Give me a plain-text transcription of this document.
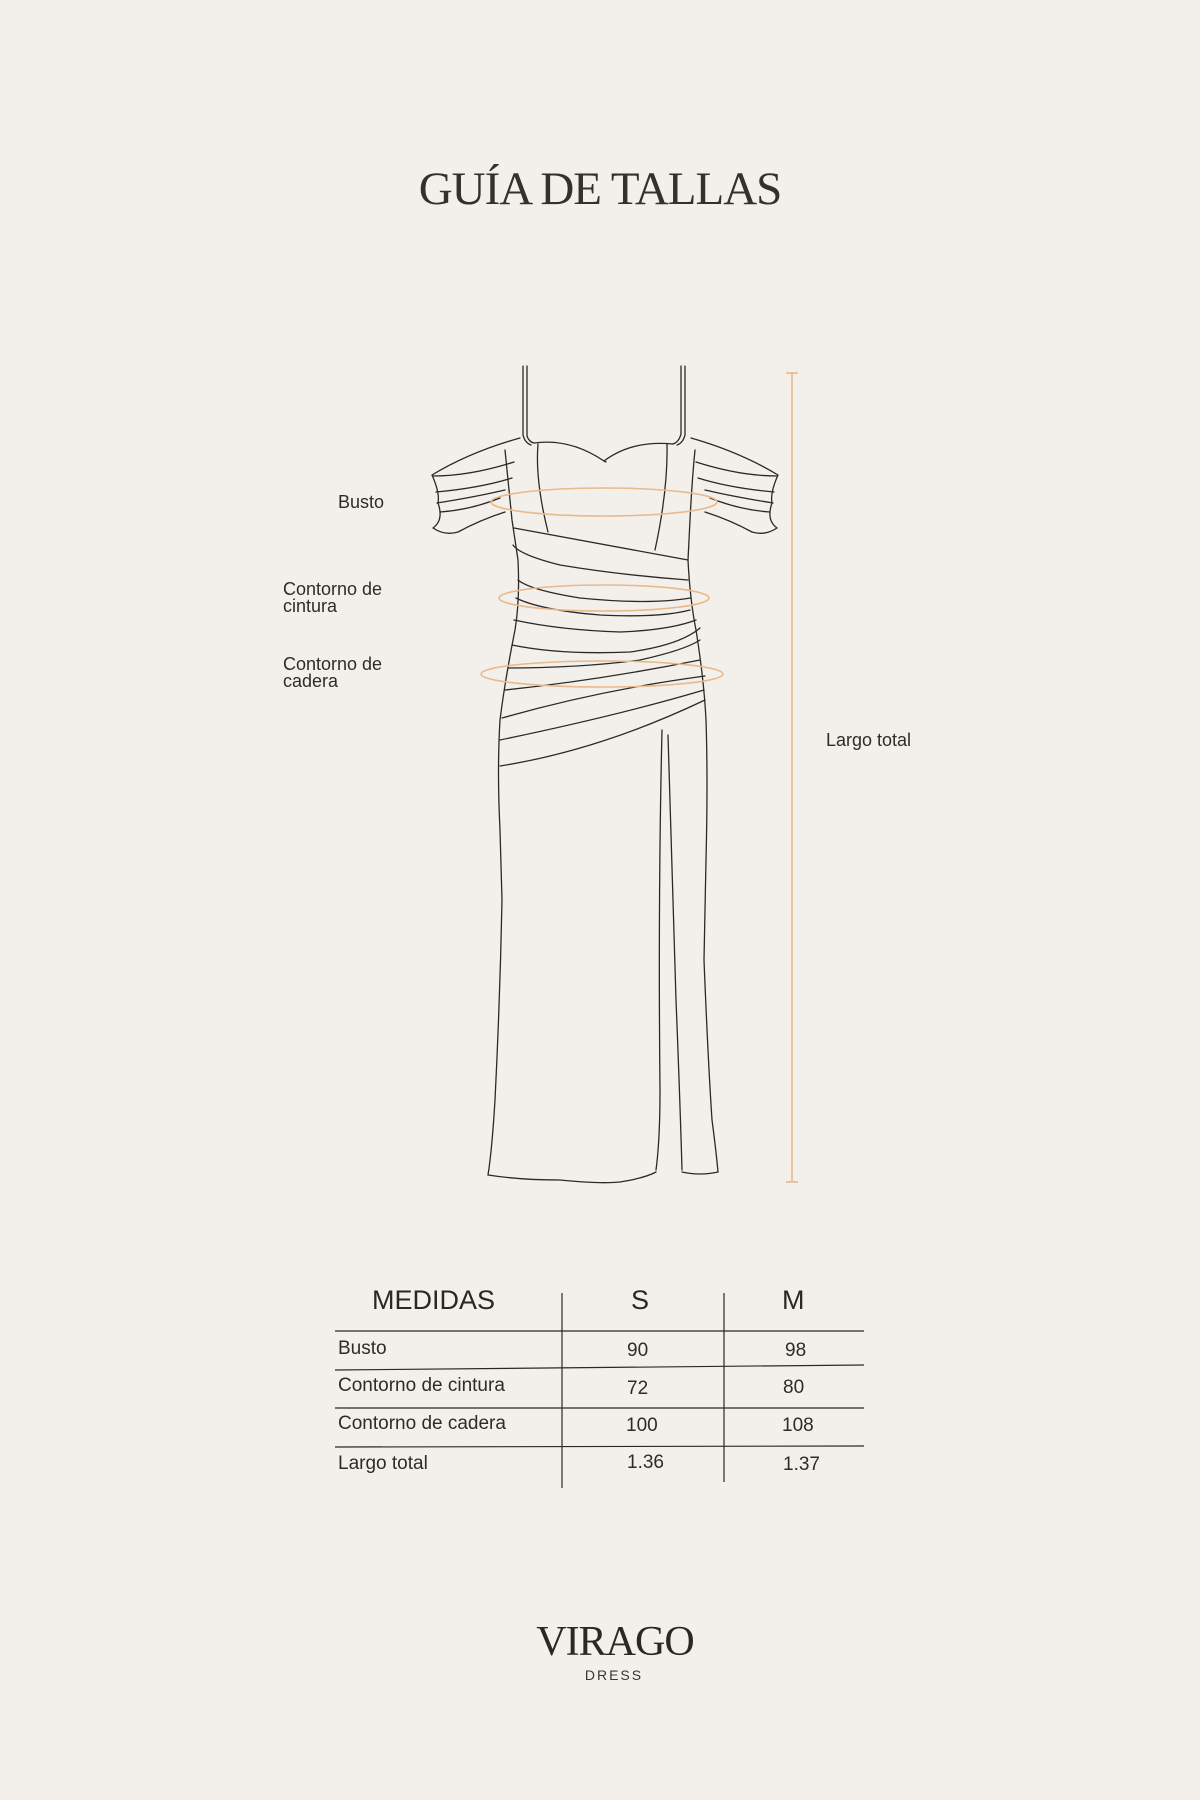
GUÍA DE TALLAS
Busto
Contorno de cintura
Contorno de cadera
Largo total
MEDIDAS	S	M
Busto	90	98
Contorno de cintura	72	80
Contorno de cadera	100	108
Largo total	1.36	1.37
VIRAGO
DRESS
